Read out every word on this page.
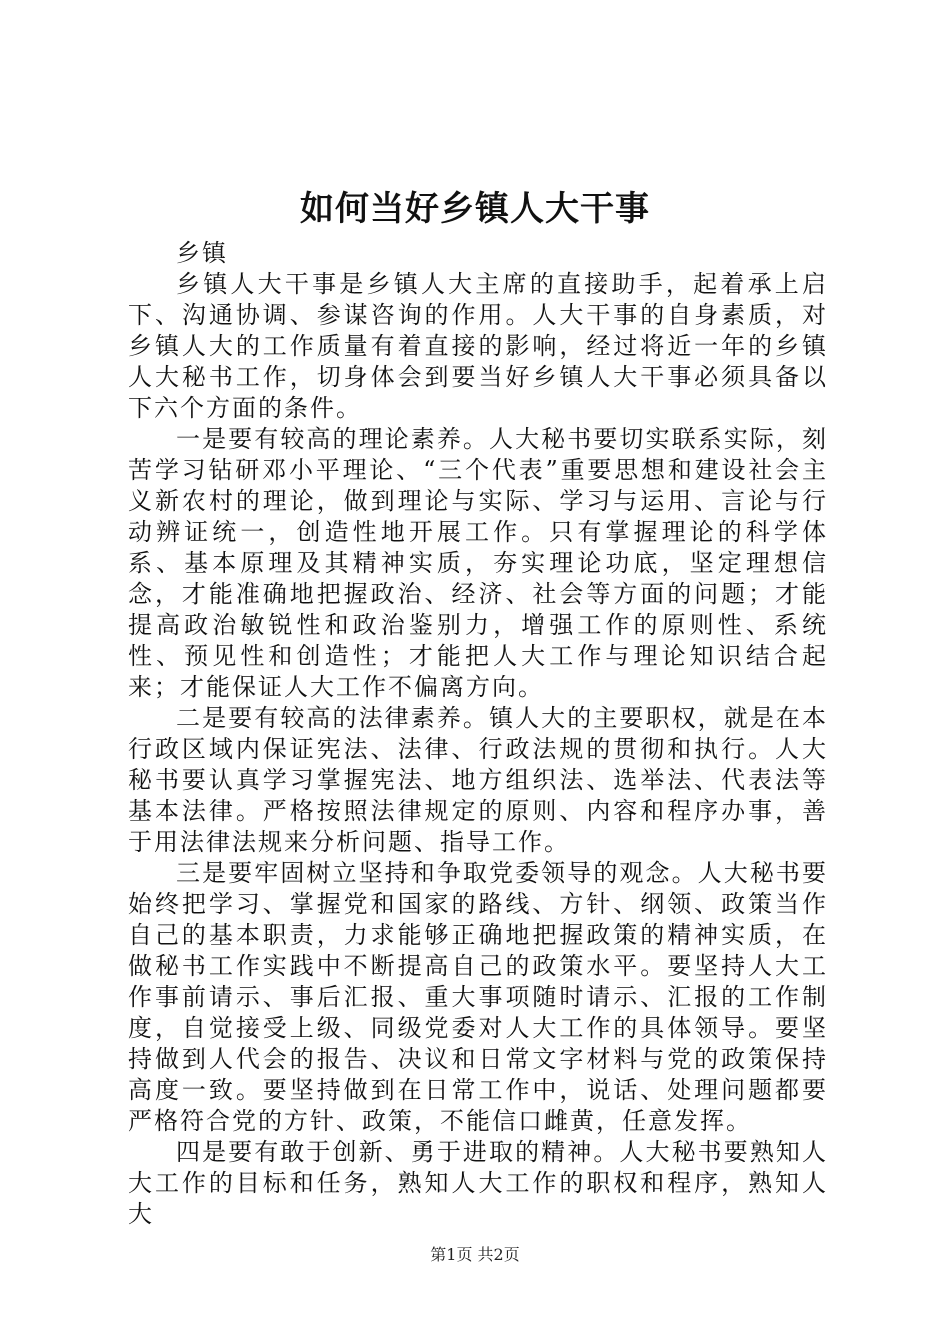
如何当好乡镇人大干事

乡镇

乡镇人大干事是乡镇人大主席的直接助手，起着承上启下、沟通协调、参谋咨询的作用。人大干事的自身素质，对乡镇人大的工作质量有着直接的影响，经过将近一年的乡镇人大秘书工作，切身体会到要当好乡镇人大干事必须具备以下六个方面的条件。

一是要有较高的理论素养。人大秘书要切实联系实际，刻苦学习钻研邓小平理论、“三个代表”重要思想和建设社会主义新农村的理论，做到理论与实际、学习与运用、言论与行动辨证统一，创造性地开展工作。只有掌握理论的科学体系、基本原理及其精神实质，夯实理论功底，坚定理想信念，才能准确地把握政治、经济、社会等方面的问题；才能提高政治敏锐性和政治鉴别力，增强工作的原则性、系统性、预见性和创造性；才能把人大工作与理论知识结合起来；才能保证人大工作不偏离方向。

二是要有较高的法律素养。镇人大的主要职权，就是在本行政区域内保证宪法、法律、行政法规的贯彻和执行。人大秘书要认真学习掌握宪法、地方组织法、选举法、代表法等基本法律。严格按照法律规定的原则、内容和程序办事，善于用法律法规来分析问题、指导工作。

三是要牢固树立坚持和争取党委领导的观念。人大秘书要始终把学习、掌握党和国家的路线、方针、纲领、政策当作自己的基本职责，力求能够正确地把握政策的精神实质，在做秘书工作实践中不断提高自己的政策水平。要坚持人大工作事前请示、事后汇报、重大事项随时请示、汇报的工作制度，自觉接受上级、同级党委对人大工作的具体领导。要坚持做到人代会的报告、决议和日常文字材料与党的政策保持高度一致。要坚持做到在日常工作中，说话、处理问题都要严格符合党的方针、政策，不能信口雌黄，任意发挥。

四是要有敢于创新、勇于进取的精神。人大秘书要熟知人大工作的目标和任务，熟知人大工作的职权和程序，熟知人大

第1页 共2页
